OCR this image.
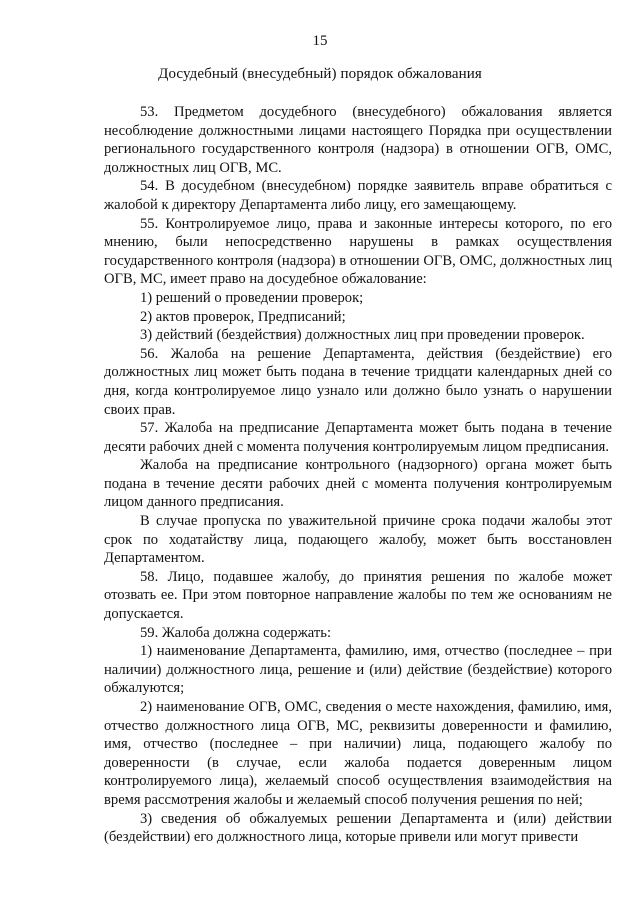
15
Досудебный (внесудебный) порядок обжалования

53. Предметом досудебного (внесудебного) обжалования является несоблюдение должностными лицами настоящего Порядка при осуществлении регионального государственного контроля (надзора) в отношении ОГВ, ОМС, должностных лиц ОГВ, МС.

54. В досудебном (внесудебном) порядке заявитель вправе обратиться с жалобой к директору Департамента либо лицу, его замещающему.

55. Контролируемое лицо, права и законные интересы которого, по его мнению, были непосредственно нарушены в рамках осуществления государственного контроля (надзора) в отношении ОГВ, ОМС, должностных лиц ОГВ, МС, имеет право на досудебное обжалование:

1) решений о проведении проверок;

2) актов проверок, Предписаний;

3) действий (бездействия) должностных лиц при проведении проверок.

56. Жалоба на решение Департамента, действия (бездействие) его должностных лиц может быть подана в течение тридцати календарных дней со дня, когда контролируемое лицо узнало или должно было узнать о нарушении своих прав.

57. Жалоба на предписание Департамента может быть подана в течение десяти рабочих дней с момента получения контролируемым лицом предписания.

Жалоба на предписание контрольного (надзорного) органа может быть подана в течение десяти рабочих дней с момента получения контролируемым лицом данного предписания.

В случае пропуска по уважительной причине срока подачи жалобы этот срок по ходатайству лица, подающего жалобу, может быть восстановлен Департаментом.

58. Лицо, подавшее жалобу, до принятия решения по жалобе может отозвать ее. При этом повторное направление жалобы по тем же основаниям не допускается.

59. Жалоба должна содержать:

1) наименование Департамента, фамилию, имя, отчество (последнее – при наличии) должностного лица, решение и (или) действие (бездействие) которого обжалуются;

2) наименование ОГВ, ОМС, сведения о месте нахождения, фамилию, имя, отчество должностного лица ОГВ, МС, реквизиты доверенности и фамилию, имя, отчество (последнее – при наличии) лица, подающего жалобу по доверенности (в случае, если жалоба подается доверенным лицом контролируемого лица), желаемый способ осуществления взаимодействия на время рассмотрения жалобы и желаемый способ получения решения по ней;

3) сведения об обжалуемых решении Департамента и (или) действии (бездействии) его должностного лица, которые привели или могут привести
